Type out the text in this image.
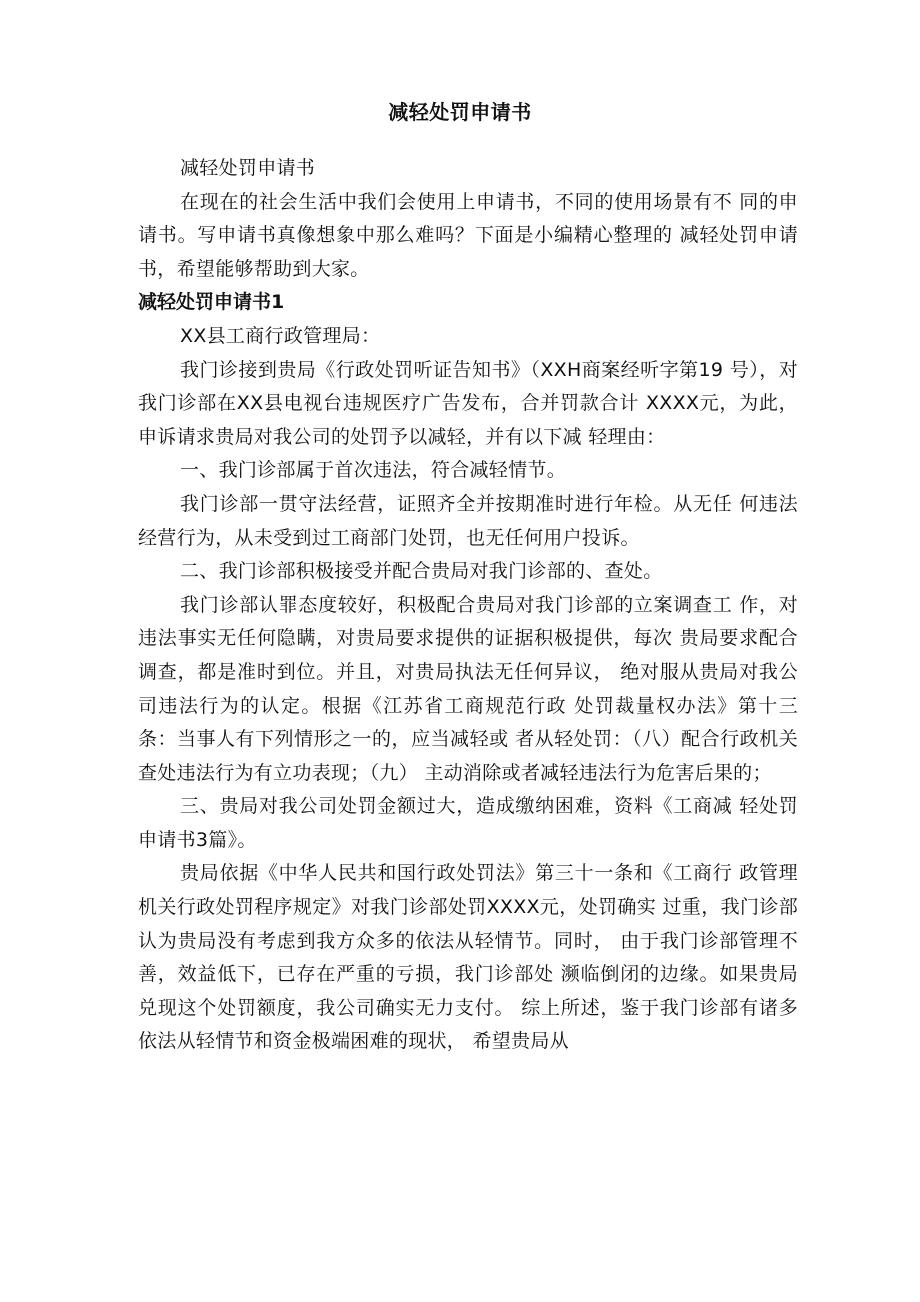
减轻处罚申请书

减轻处罚申请书

在现在的社会生活中我们会使用上申请书，不同的使用场景有不 同的申请书。写申请书真像想象中那么难吗？下面是小编精心整理的 减轻处罚申请书，希望能够帮助到大家。

减轻处罚申请书1

XX县工商行政管理局：

我门诊接到贵局《行政处罚听证告知书》（XXH商案经听字第19 号），对我门诊部在XX县电视台违规医疗广告发布，合并罚款合计 XXXX元，为此，申诉请求贵局对我公司的处罚予以减轻，并有以下减 轻理由：

一、我门诊部属于首次违法，符合减轻情节。

我门诊部一贯守法经营，证照齐全并按期准时进行年检。从无任 何违法经营行为，从未受到过工商部门处罚，也无任何用户投诉。

二、我门诊部积极接受并配合贵局对我门诊部的、查处。

我门诊部认罪态度较好，积极配合贵局对我门诊部的立案调查工 作，对违法事实无任何隐瞒，对贵局要求提供的证据积极提供，每次 贵局要求配合调查，都是准时到位。并且，对贵局执法无任何异议， 绝对服从贵局对我公司违法行为的认定。根据《江苏省工商规范行政 处罚裁量权办法》第十三条：当事人有下列情形之一的，应当减轻或 者从轻处罚：（八）配合行政机关查处违法行为有立功表现；（九） 主动消除或者减轻违法行为危害后果的；

三、贵局对我公司处罚金额过大，造成缴纳困难，资料《工商减 轻处罚申请书3篇》。

贵局依据《中华人民共和国行政处罚法》第三十一条和《工商行 政管理机关行政处罚程序规定》对我门诊部处罚XXXX元，处罚确实 过重，我门诊部认为贵局没有考虑到我方众多的依法从轻情节。同时， 由于我门诊部管理不善，效益低下，已存在严重的亏损，我门诊部处 濒临倒闭的边缘。如果贵局兑现这个处罚额度，我公司确实无力支付。 综上所述，鉴于我门诊部有诸多依法从轻情节和资金极端困难的现状， 希望贵局从
